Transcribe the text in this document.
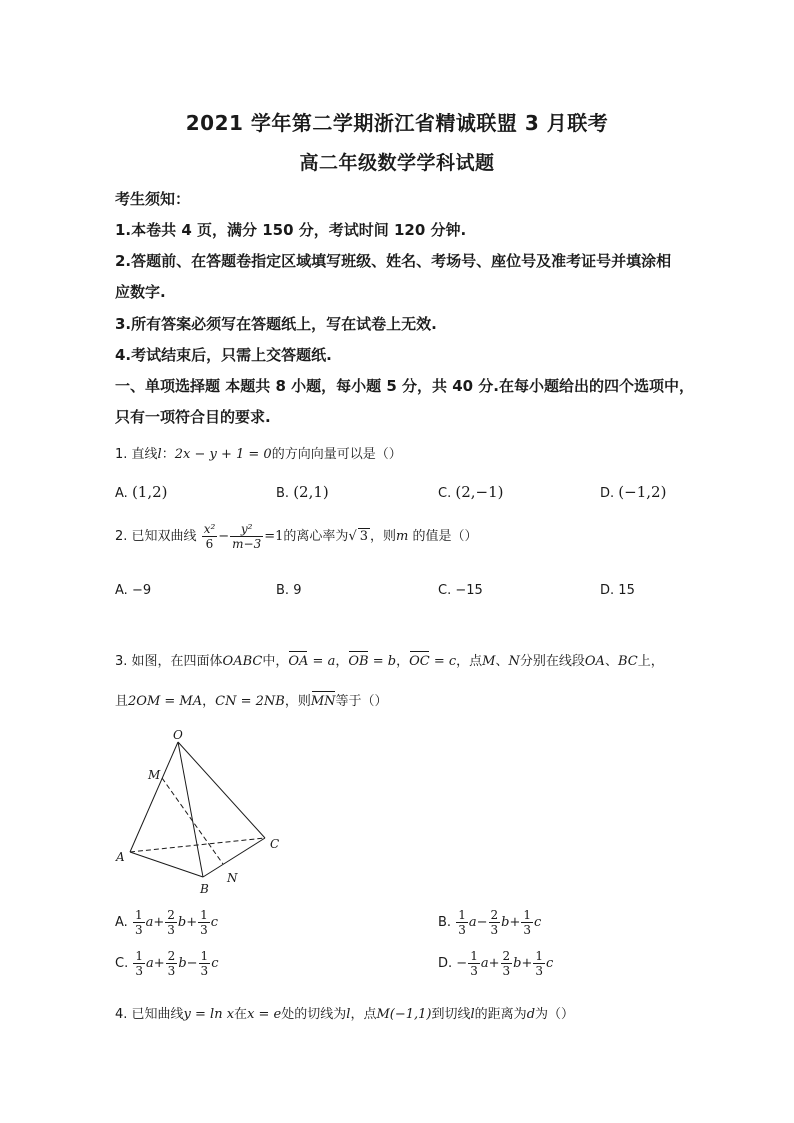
2021 学年第二学期浙江省精诚联盟 3 月联考
高二年级数学学科试题
考生须知：
1.本卷共 4 页，满分 150 分，考试时间 120 分钟.
2.答题前、在答题卷指定区域填写班级、姓名、考场号、座位号及准考证号并填涂相
应数字.
3.所有答案必须写在答题纸上，写在试卷上无效.
4.考试结束后，只需上交答题纸.
一、单项选择题 本题共 8 小题，每小题 5 分，共 40 分.在每小题给出的四个选项中，
只有一项符合目的要求.
1. 直线l：2x − y + 1 = 0的方向向量可以是（）
A. (1,2)	B. (2,1)	C. (2,−1)	D. (−1,2)
2. 已知双曲线 $\frac{\text{x²}}{6} - \frac{\text{y²}}{m-3} =1$的离心率为√ 3 ，则m 的值是（）
A. −9	B. 9	C. −15	D. 15
3. 如图，在四面体OABC中，OA = a，OB = b，OC = c，点M、N分别在线段OA、BC上，
且2OM = MA，CN = 2NB，则MN等于（）
O
M
A
B
C
N
A. $\frac{1}{3} a+ \frac{2}{3} b+ \frac{1}{3}$ c	B. $\frac{1}{3} a- \frac{2}{3} b+ \frac{1}{3}$ c
C. $\frac{1}{3} a+ \frac{2}{3} b- \frac{1}{3}$ c	D. − $\frac{1}{3} a+ \frac{2}{3} b+ \frac{1}{3}$ c
4. 已知曲线y = ln x在x = e处的切线为l，点M(−1,1)到切线l的距离为d为（）
